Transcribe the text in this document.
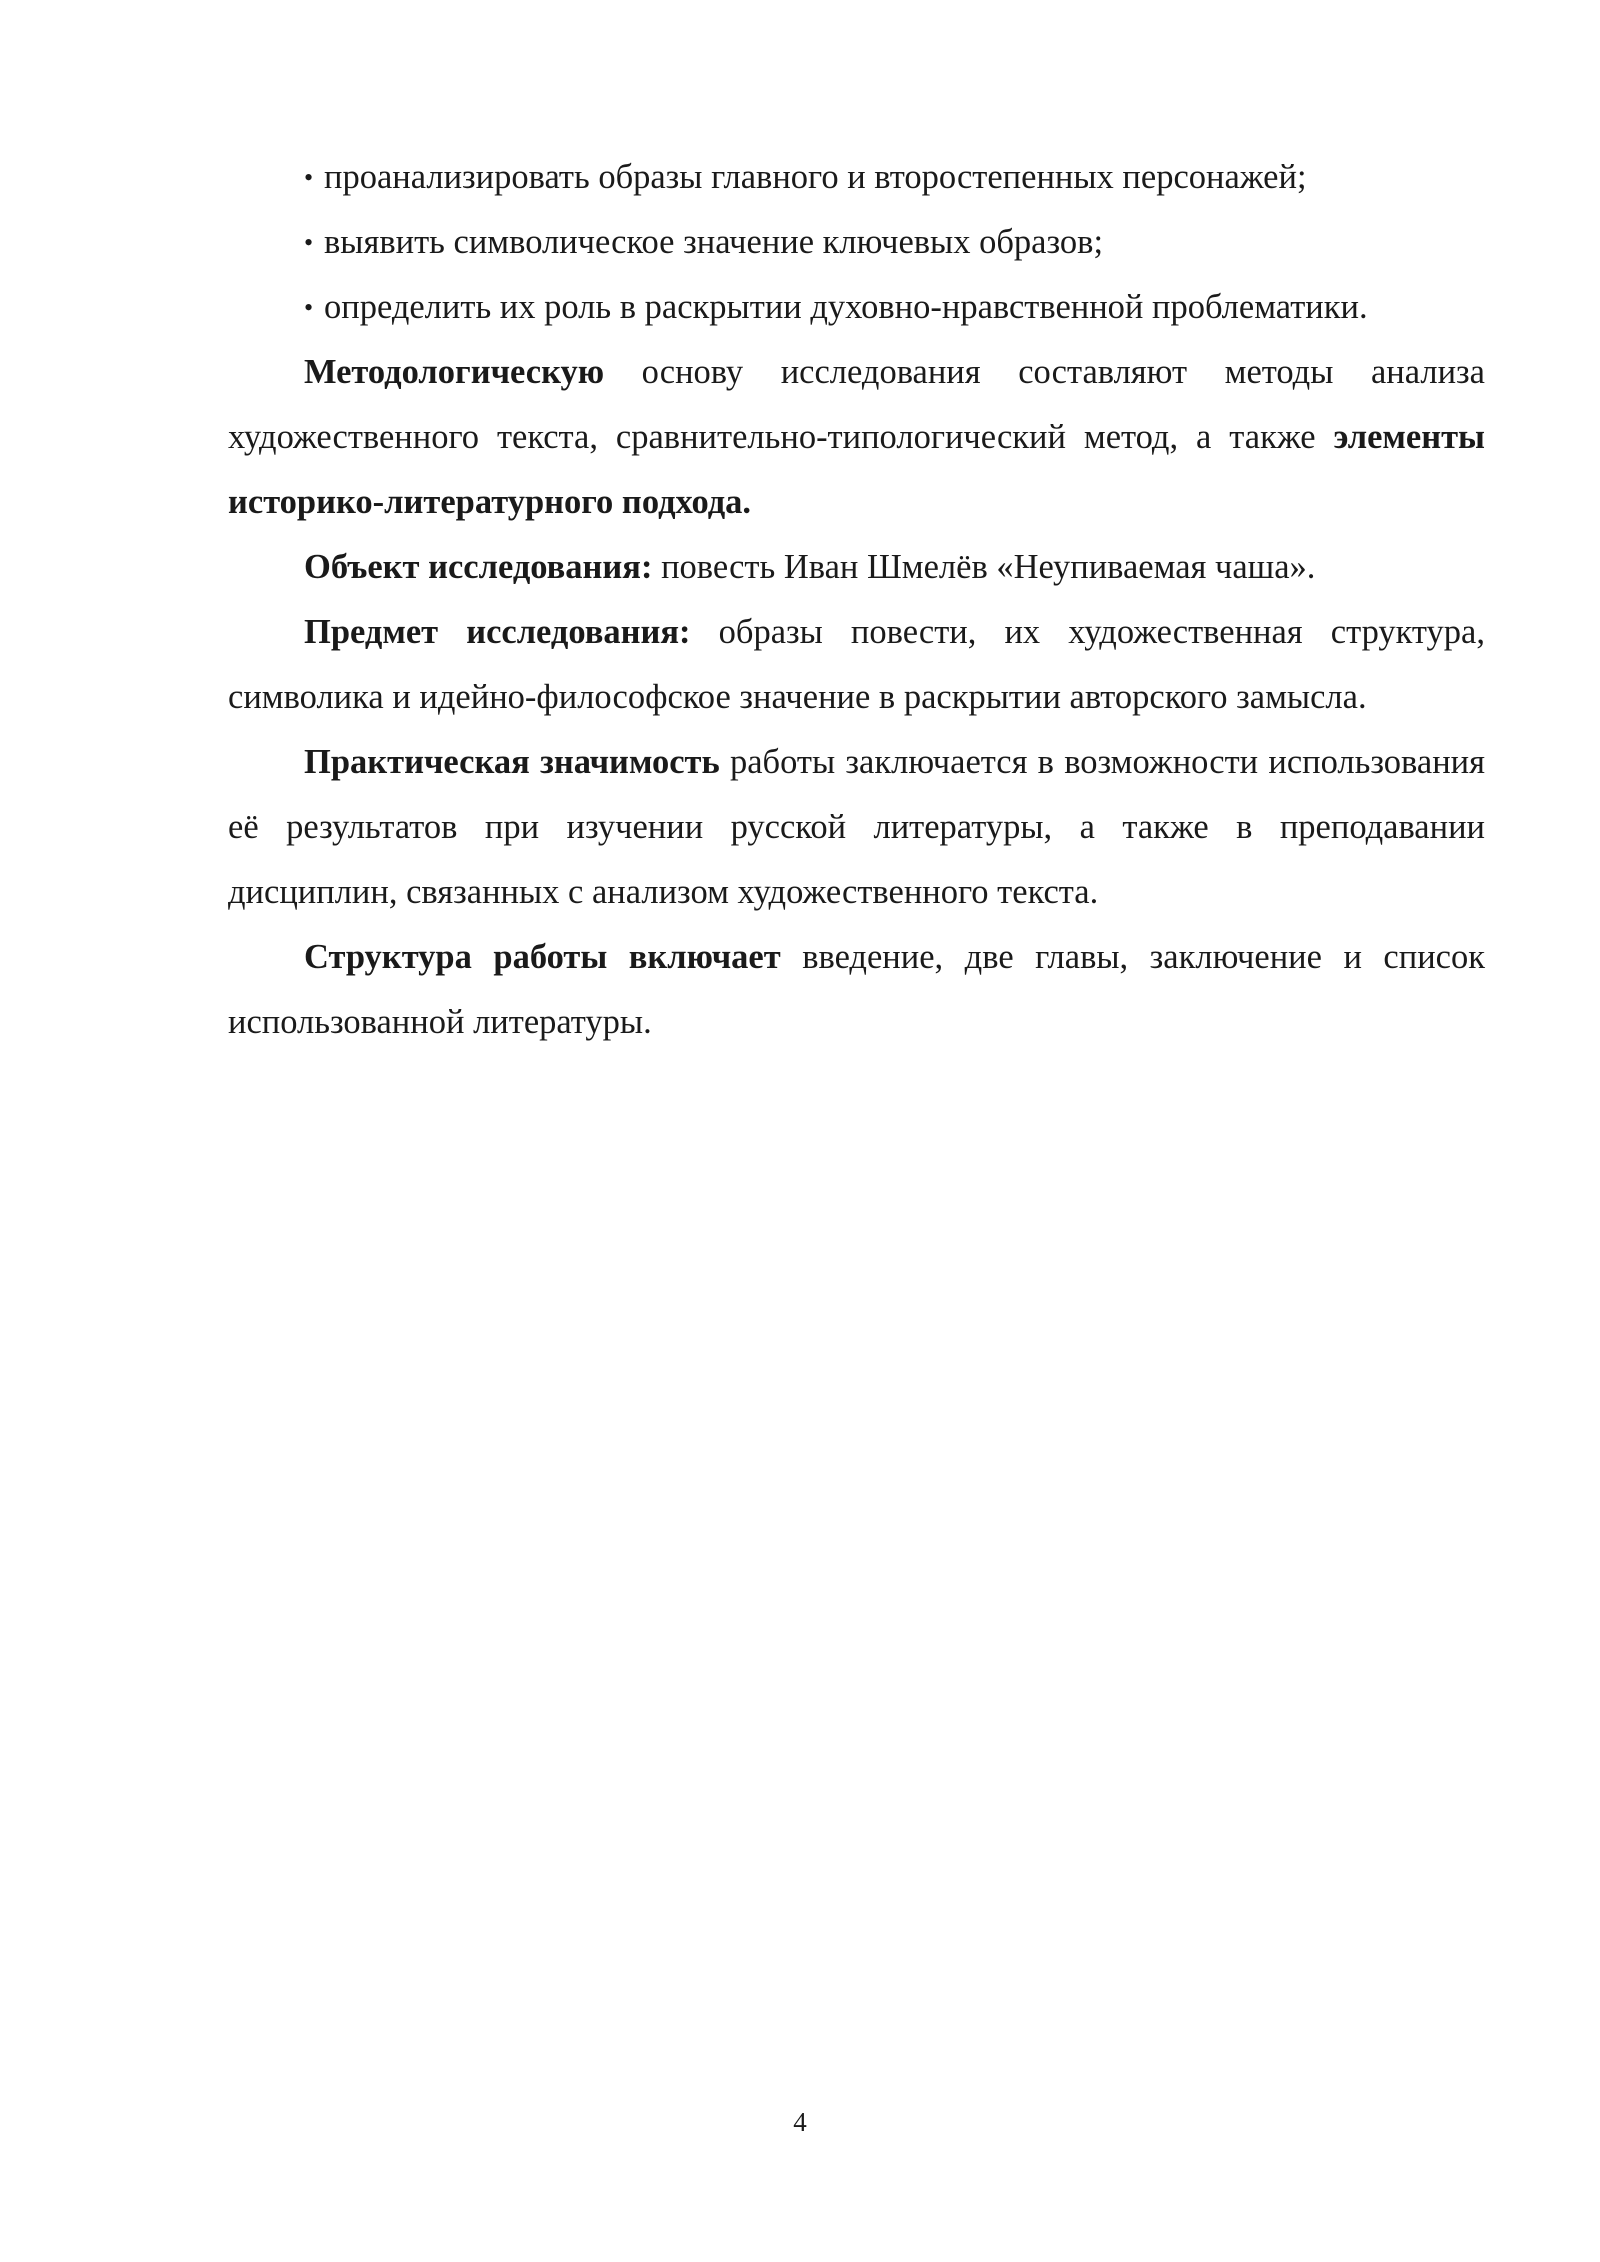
• проанализировать образы главного и второстепенных персонажей;

• выявить символическое значение ключевых образов;

• определить их роль в раскрытии духовно-нравственной проблематики.

Методологическую основу исследования составляют методы анализа художественного текста, сравнительно-типологический метод, а также элементы историко-литературного подхода.

Объект исследования: повесть Иван Шмелёв «Неупиваемая чаша».

Предмет исследования: образы повести, их художественная структура, символика и идейно-философское значение в раскрытии авторского замысла.

Практическая значимость работы заключается в возможности использования её результатов при изучении русской литературы, а также в преподавании дисциплин, связанных с анализом художественного текста.

Структура работы включает введение, две главы, заключение и список использованной литературы.

4
